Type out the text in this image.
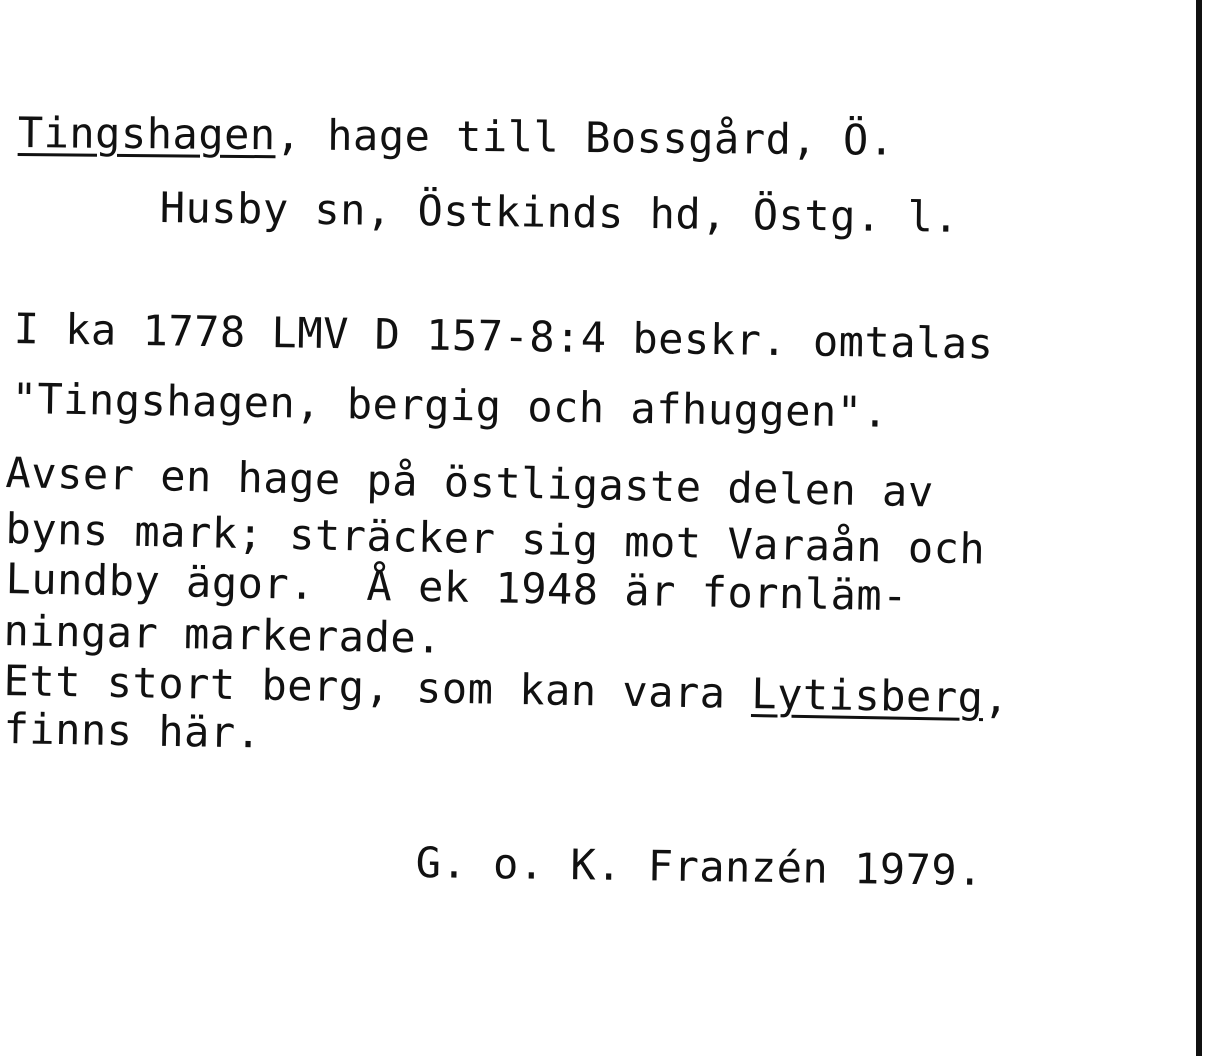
Tingshagen, hage till Bossgård, Ö.
Husby sn, Östkinds hd, Östg. l.
I ka 1778 LMV D 157-8:4 beskr. omtalas
"Tingshagen, bergig och afhuggen".
Avser en hage på östligaste delen av
byns mark; sträcker sig mot Varaån och
Lundby ägor.  Å ek 1948 är fornläm-
ningar markerade.
Ett stort berg, som kan vara Lytisberg,
finns här.
G. o. K. Franzén 1979.
